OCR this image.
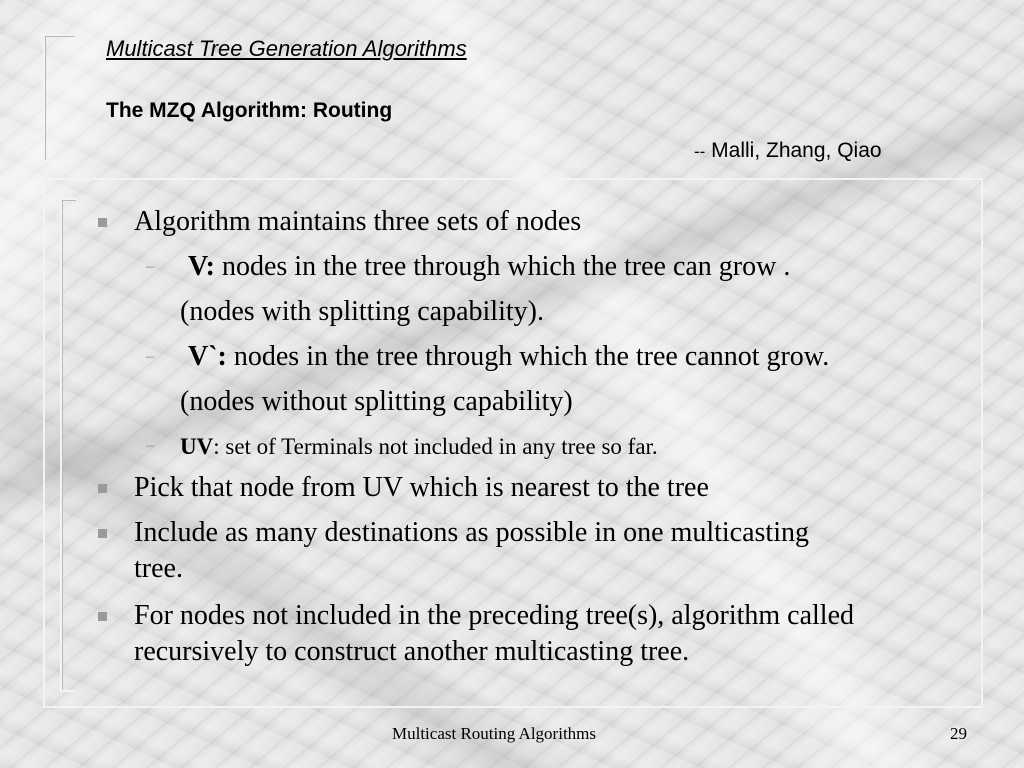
Multicast Tree Generation Algorithms
The MZQ Algorithm: Routing
-- Malli, Zhang, Qiao
Algorithm maintains three sets of nodes
– V: nodes in the tree through which the tree can grow .
(nodes with splitting capability).
– V`: nodes in the tree through which the tree cannot grow.
(nodes without splitting capability)
– UV: set of Terminals not included in any tree so far.
Pick that node from UV which is nearest to the tree
Include as many destinations as possible in one multicasting
tree.
For nodes not included in the preceding tree(s), algorithm called
recursively to construct another multicasting tree.
Multicast Routing Algorithms	29
